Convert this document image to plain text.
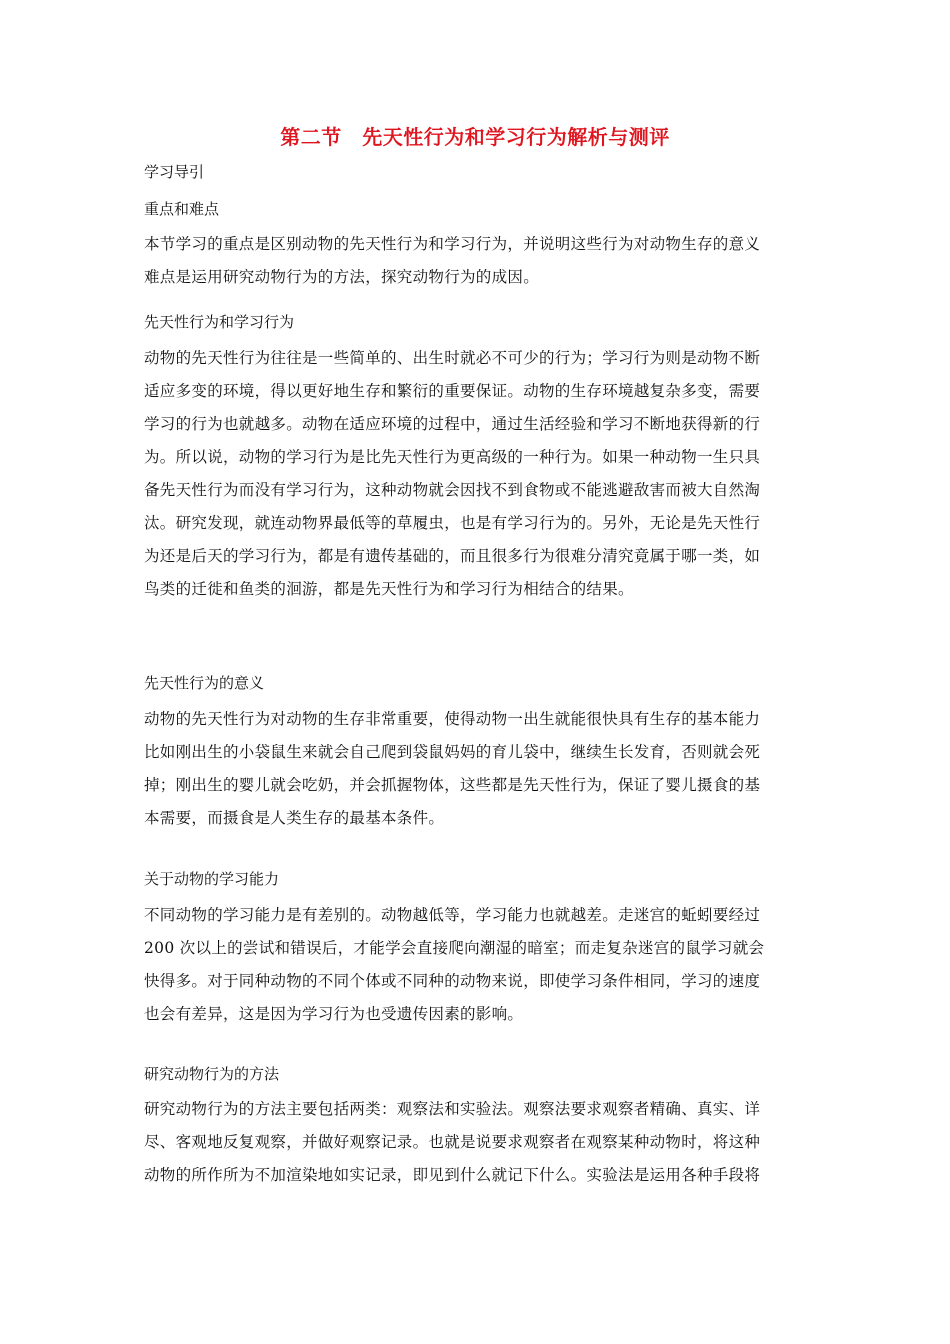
第二节　先天性行为和学习行为解析与测评
学习导引
重点和难点
本节学习的重点是区别动物的先天性行为和学习行为，并说明这些行为对动物生存的意义
难点是运用研究动物行为的方法，探究动物行为的成因。
先天性行为和学习行为
动物的先天性行为往往是一些简单的、出生时就必不可少的行为；学习行为则是动物不断
适应多变的环境，得以更好地生存和繁衍的重要保证。动物的生存环境越复杂多变，需要
学习的行为也就越多。动物在适应环境的过程中，通过生活经验和学习不断地获得新的行
为。所以说，动物的学习行为是比先天性行为更高级的一种行为。如果一种动物一生只具
备先天性行为而没有学习行为，这种动物就会因找不到食物或不能逃避敌害而被大自然淘
汰。研究发现，就连动物界最低等的草履虫，也是有学习行为的。另外，无论是先天性行
为还是后天的学习行为，都是有遗传基础的，而且很多行为很难分清究竟属于哪一类，如
鸟类的迁徙和鱼类的洄游，都是先天性行为和学习行为相结合的结果。
先天性行为的意义
动物的先天性行为对动物的生存非常重要，使得动物一出生就能很快具有生存的基本能力
比如刚出生的小袋鼠生来就会自己爬到袋鼠妈妈的育儿袋中，继续生长发育，否则就会死
掉；刚出生的婴儿就会吃奶，并会抓握物体，这些都是先天性行为，保证了婴儿摄食的基
本需要，而摄食是人类生存的最基本条件。
关于动物的学习能力
不同动物的学习能力是有差别的。动物越低等，学习能力也就越差。走迷宫的蚯蚓要经过
200 次以上的尝试和错误后，才能学会直接爬向潮湿的暗室；而走复杂迷宫的鼠学习就会
快得多。对于同种动物的不同个体或不同种的动物来说，即使学习条件相同，学习的速度
也会有差异，这是因为学习行为也受遗传因素的影响。
研究动物行为的方法
研究动物行为的方法主要包括两类：观察法和实验法。观察法要求观察者精确、真实、详
尽、客观地反复观察，并做好观察记录。也就是说要求观察者在观察某种动物时，将这种
动物的所作所为不加渲染地如实记录，即见到什么就记下什么。实验法是运用各种手段将
